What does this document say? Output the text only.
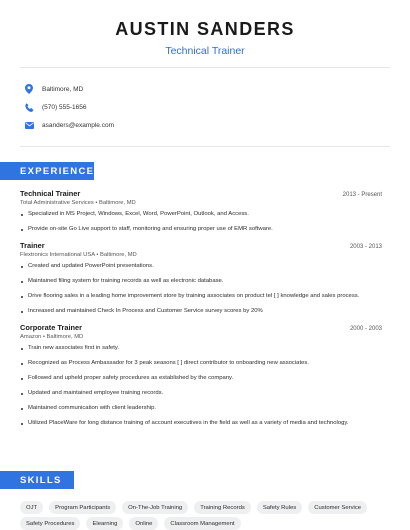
AUSTIN SANDERS
Technical Trainer
Baltimore, MD
(570) 555-1656
asanders@example.com
EXPERIENCE
Technical Trainer	2013 - Present
Total Administrative Services • Baltimore, MD
Specialized in MS Project, Windows, Excel, Word, PowerPoint, Outlook, and Access.
Provide on-site Go Live support to staff, monitoring and ensuring proper use of EMR software.
Trainer	2003 - 2013
Flextronics International USA • Baltimore, MD
Created and updated PowerPoint presentations.
Maintained filing system for training records as well as electronic database.
Drive flooring sales in a leading home improvement store by training associates on product tel [ ] knowledge and sales process.
Increased and maintained Check In Process and Customer Service survey scores by 20%
Corporate Trainer	2000 - 2003
Amazon • Baltimore, MD
Train new associates first in safety.
Recognized as Process Ambassador for 3 peak seasons [ ] direct contributor to onboarding new associates.
Followed and upheld proper safety procedures as established by the company.
Updated and maintained employee training records.
Maintained communication with client leadership.
Utilized PlaceWare for long distance training of account executives in the field as well as a variety of media and technology.
SKILLS
OJT	Program Participants	On-The-Job Training	Training Records	Safety Rules	Customer Service
Safety Procedures	Elearning	Online	Classroom Management
